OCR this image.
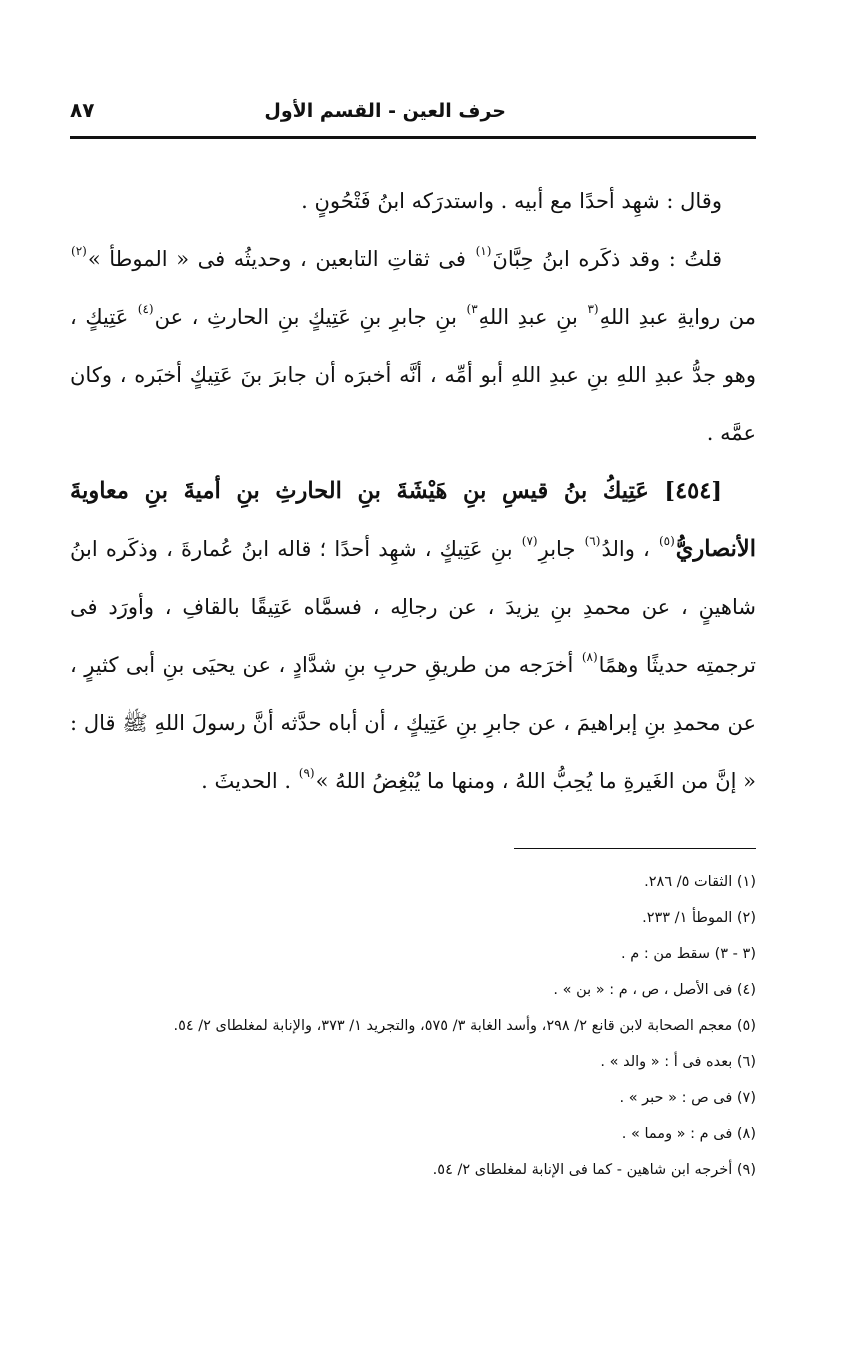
حرف العين - القسم الأول
٨٧

وقال : شهِد أحدًا مع أبيه . واستدرَكه ابنُ فَتْحُونٍ .

قلتُ : وقد ذكَره ابنُ حِبَّانَ$^{(١)}$ فى ثقاتِ التابعين ، وحديثُه فى « الموطأ »$^{(٢)}$ من روايةِ عبدِ اللهِ$^{(٣}$ بنِ عبدِ اللهِ$^{٣)}$ بنِ جابرِ بنِ عَتِيكٍ بنِ الحارثِ ، عن$^{(٤)}$ عَتِيكٍ ، وهو جدُّ عبدِ اللهِ بنِ عبدِ اللهِ أبو أمِّه ، أنَّه أخبرَه أن جابرَ بنَ عَتِيكٍ أخبَره ، وكان عمَّه .

[٤٥٤] عَتِيكُ بنُ قيسِ بنِ هَيْشَةَ بنِ الحارثِ بنِ أميةَ بنِ معاويةَ الأنصاريُّ$^{(٥)}$ ، والدُ$^{(٦)}$ جابرِ$^{(٧)}$ بنِ عَتِيكٍ ، شهِد أحدًا ؛ قاله ابنُ عُمارةَ ، وذكَره ابنُ شاهينٍ ، عن محمدِ بنِ يزيدَ ، عن رجالِه ، فسمَّاه عَتِيقًا بالقافِ ، وأورَد فى ترجمتِه حديثًا وهمًا$^{(٨)}$ أخرَجه من طريقِ حربِ بنِ شدَّادٍ ، عن يحيَى بنِ أبى كثيرٍ ، عن محمدِ بنِ إبراهيمَ ، عن جابرِ بنِ عَتِيكٍ ، أن أباه حدَّثه أنَّ رسولَ اللهِ ﷺ قال : « إنَّ من الغَيرةِ ما يُحِبُّ اللهُ ، ومنها ما يُبْغِضُ اللهُ »$^{(٩)}$ . الحديثَ .

(١) الثقات ٥/ ٢٨٦.

(٢) الموطأ ١/ ٢٣٣.

(٣ - ٣) سقط من : م .

(٤) فى الأصل ، ص ، م : « بن » .

(٥) معجم الصحابة لابن قانع ٢/ ٢٩٨، وأسد الغابة ٣/ ٥٧٥، والتجريد ١/ ٣٧٣، والإنابة لمغلطاى ٢/ ٥٤.

(٦) بعده فى أ : « والد » .

(٧) فى ص : « حبر » .

(٨) فى م : « ومما » .

(٩) أخرجه ابن شاهين - كما فى الإنابة لمغلطاى ٢/ ٥٤.
